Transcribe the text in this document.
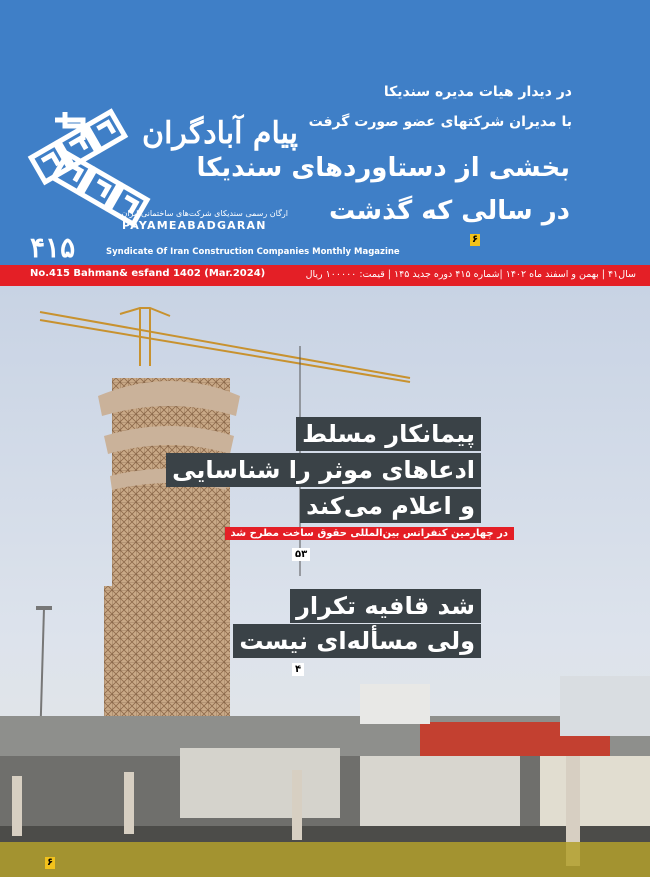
در دیدار هیات مدیره سندیکا
با مدیران شرکتهای عضو صورت گرفت
بخشی از دستاوردهای سندیکا
در سالی که گذشت
۶
پیام آبادگران
ارگان رسمی سندیکای شرکت‌های ساختمانی ایران
PAYAMEABADGARAN
۴۱۵	Syndicate Of Iran Construction Companies Monthly Magazine
No.415 Bahman& esfand 1402 (Mar.2024)	سال۴۱ | بهمن و اسفند ماه ۱۴۰۲ |شماره ۴۱۵ دوره جدید ۱۴۵ | قیمت: ۱۰۰۰۰۰ ریال
پیمانکار مسلط
ادعاهای موثر را شناسایی
و اعلام می‌کند
در چهارمین کنفرانس بین‌المللی حقوق ساخت مطرح شد
۵۳
شد قافیه تکرار
ولی مسأله‌ای نیست
۴
۶
